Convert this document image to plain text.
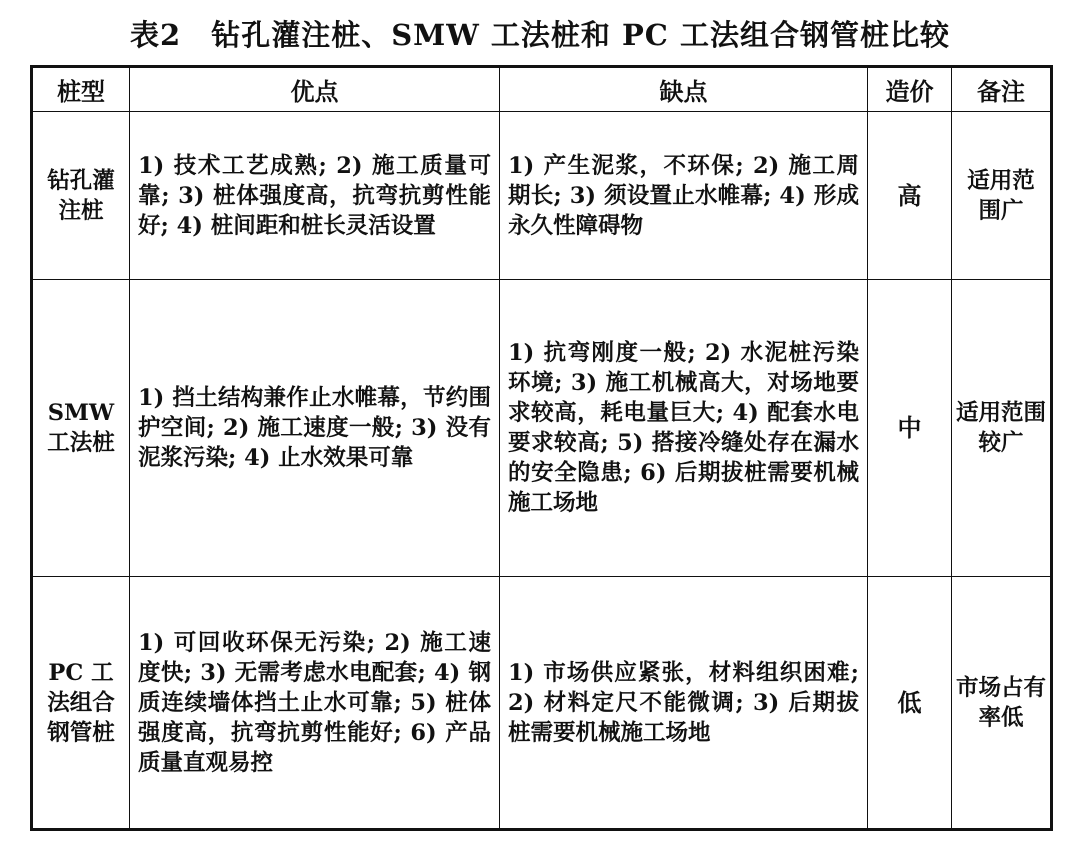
表2　钻孔灌注桩、SMW 工法桩和 PC 工法组合钢管桩比较
桩型	优点	缺点	造价	备注

钻孔灌注桩	1) 技术工艺成熟; 2) 施工质量可靠; 3) 桩体强度高，抗弯抗剪性能好; 4) 桩间距和桩长灵活设置	1) 产生泥浆，不环保; 2) 施工周期长; 3) 须设置止水帷幕; 4) 形成永久性障碍物	高	适用范围广

SMW 工法桩	1) 挡土结构兼作止水帷幕，节约围护空间; 2) 施工速度一般; 3) 没有泥浆污染; 4) 止水效果可靠	1) 抗弯刚度一般; 2) 水泥桩污染环境; 3) 施工机械高大，对场地要求较高，耗电量巨大; 4) 配套水电要求较高; 5) 搭接冷缝处存在漏水的安全隐患; 6) 后期拔桩需要机械施工场地	中	适用范围较广

PC 工法组合钢管桩	1) 可回收环保无污染; 2) 施工速度快; 3) 无需考虑水电配套; 4) 钢质连续墙体挡土止水可靠; 5) 桩体强度高，抗弯抗剪性能好; 6) 产品质量直观易控	1) 市场供应紧张，材料组织困难; 2) 材料定尺不能微调; 3) 后期拔桩需要机械施工场地	低	市场占有率低
